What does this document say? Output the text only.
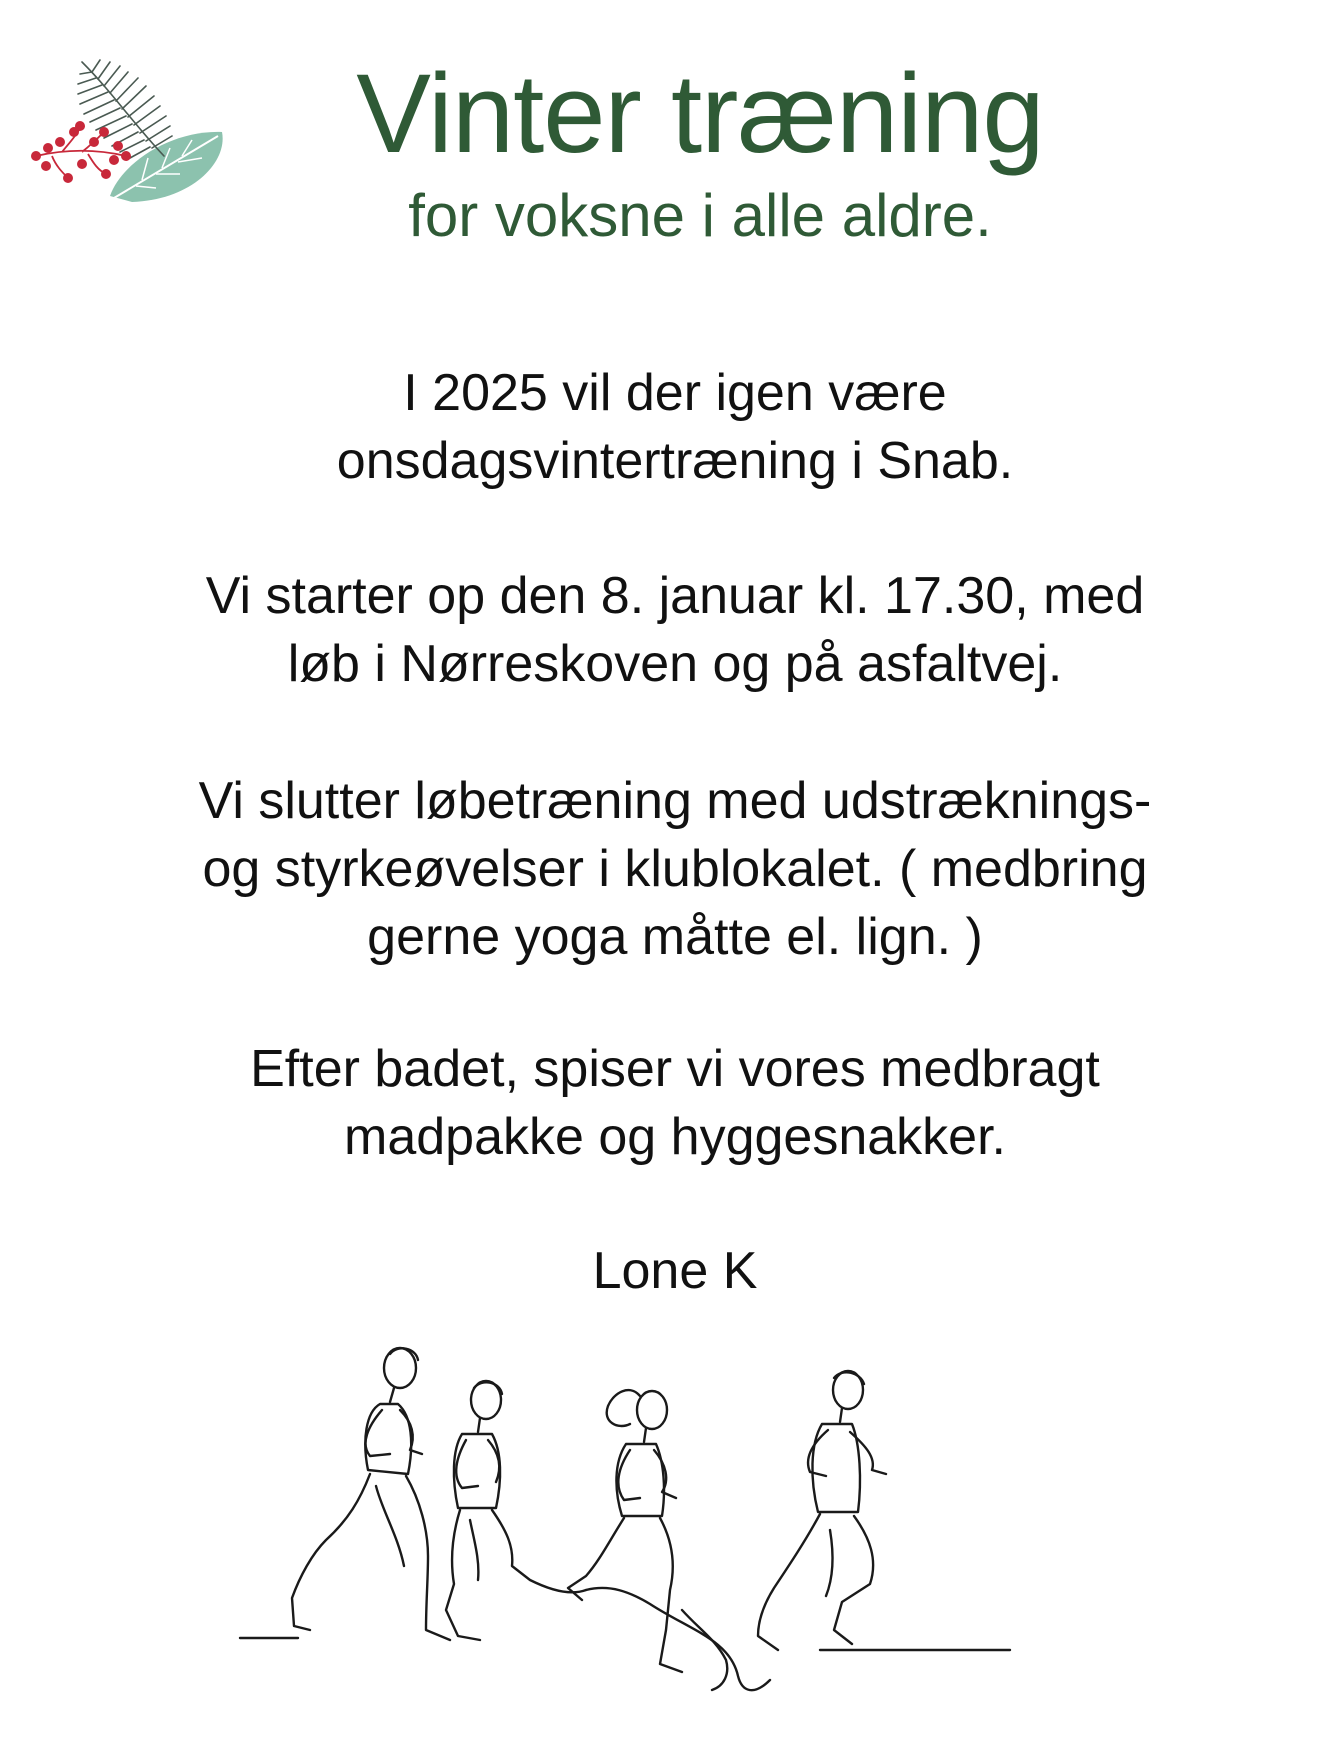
Vinter træning
for voksne i alle aldre.

I 2025 vil der igen være
onsdagsvintertræning i Snab.

Vi starter op den 8. januar kl. 17.30, med
løb i Nørreskoven og på asfaltvej.

Vi slutter løbetræning med udstræknings-
og styrkeøvelser i klublokalet. ( medbring
gerne yoga måtte el. lign. )

Efter badet, spiser vi vores medbragt
madpakke og hyggesnakker.

Lone K
